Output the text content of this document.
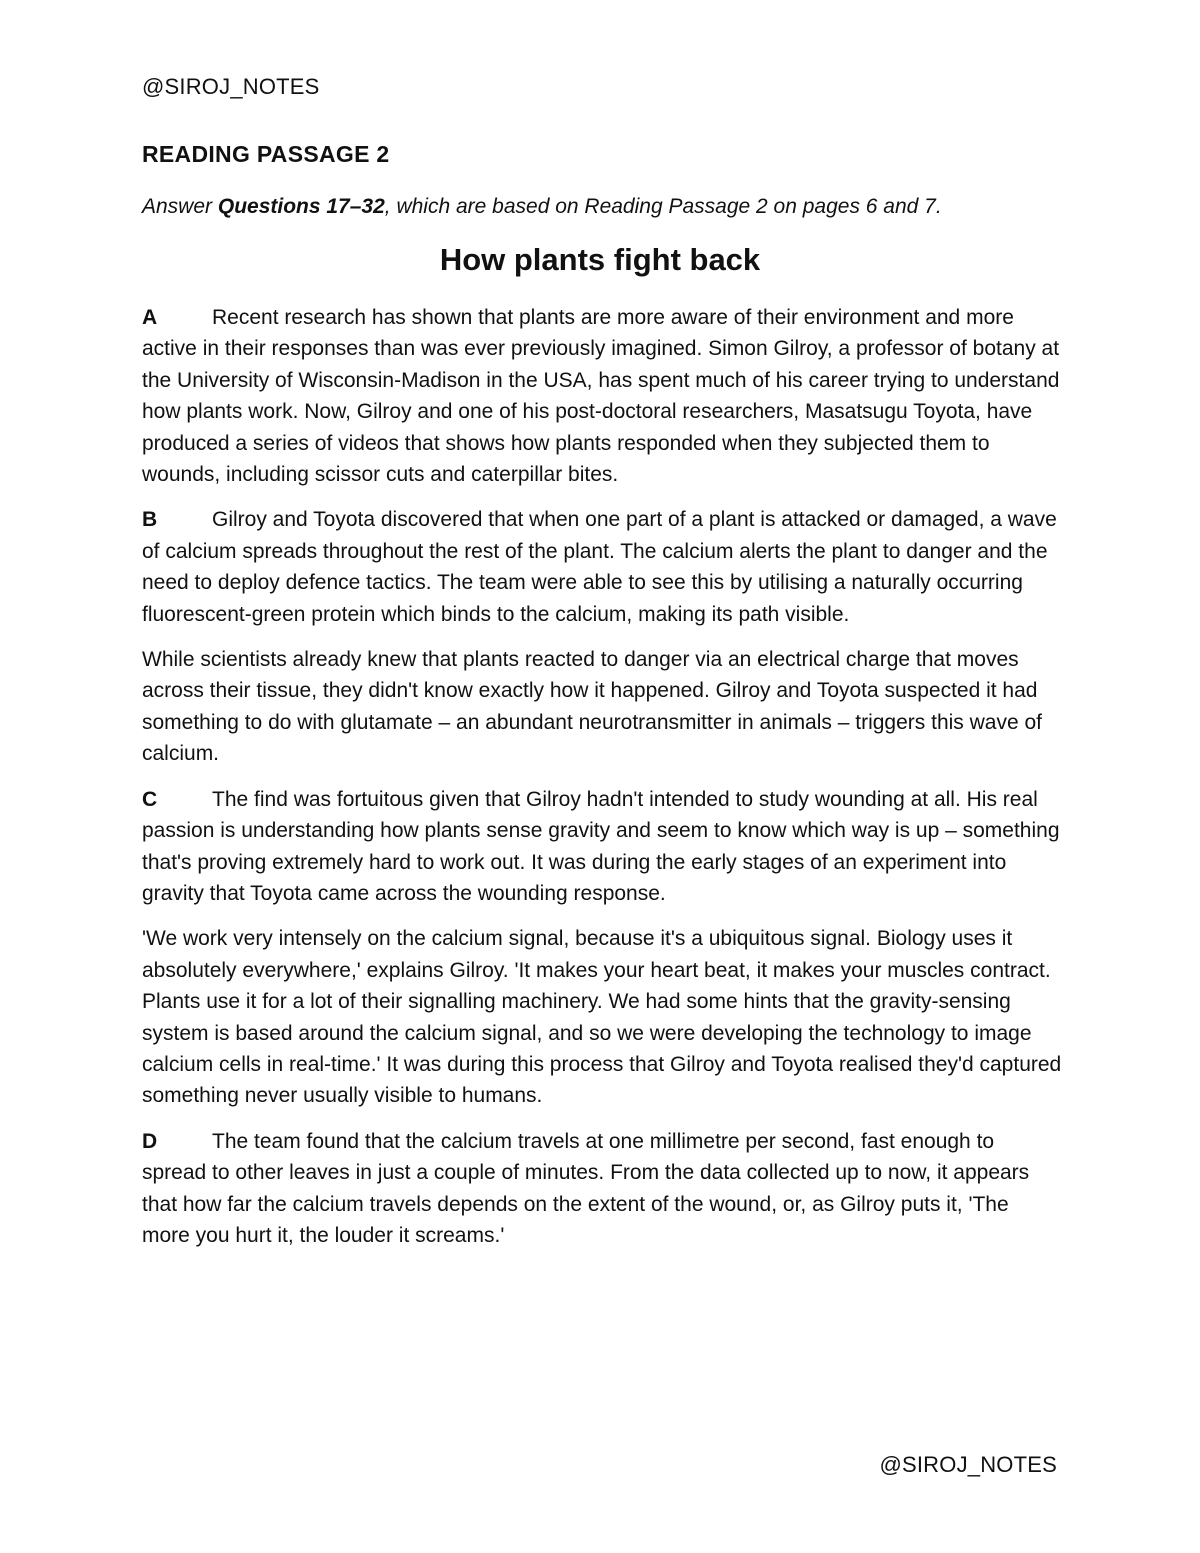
@SIROJ_NOTES
READING PASSAGE 2
Answer Questions 17–32, which are based on Reading Passage 2 on pages 6 and 7.
How plants fight back

A	Recent research has shown that plants are more aware of their environment and more active in their responses than was ever previously imagined. Simon Gilroy, a professor of botany at the University of Wisconsin-Madison in the USA, has spent much of his career trying to understand how plants work. Now, Gilroy and one of his post-doctoral researchers, Masatsugu Toyota, have produced a series of videos that shows how plants responded when they subjected them to wounds, including scissor cuts and caterpillar bites.

B	Gilroy and Toyota discovered that when one part of a plant is attacked or damaged, a wave of calcium spreads throughout the rest of the plant. The calcium alerts the plant to danger and the need to deploy defence tactics. The team were able to see this by utilising a naturally occurring fluorescent-green protein which binds to the calcium, making its path visible.

While scientists already knew that plants reacted to danger via an electrical charge that moves across their tissue, they didn't know exactly how it happened. Gilroy and Toyota suspected it had something to do with glutamate – an abundant neurotransmitter in animals – triggers this wave of calcium.

C	The find was fortuitous given that Gilroy hadn't intended to study wounding at all. His real passion is understanding how plants sense gravity and seem to know which way is up – something that's proving extremely hard to work out. It was during the early stages of an experiment into gravity that Toyota came across the wounding response.

'We work very intensely on the calcium signal, because it's a ubiquitous signal. Biology uses it absolutely everywhere,' explains Gilroy. 'It makes your heart beat, it makes your muscles contract. Plants use it for a lot of their signalling machinery. We had some hints that the gravity-sensing system is based around the calcium signal, and so we were developing the technology to image calcium cells in real-time.' It was during this process that Gilroy and Toyota realised they'd captured something never usually visible to humans.

D	The team found that the calcium travels at one millimetre per second, fast enough to spread to other leaves in just a couple of minutes. From the data collected up to now, it appears that how far the calcium travels depends on the extent of the wound, or, as Gilroy puts it, 'The more you hurt it, the louder it screams.'

@SIROJ_NOTES
